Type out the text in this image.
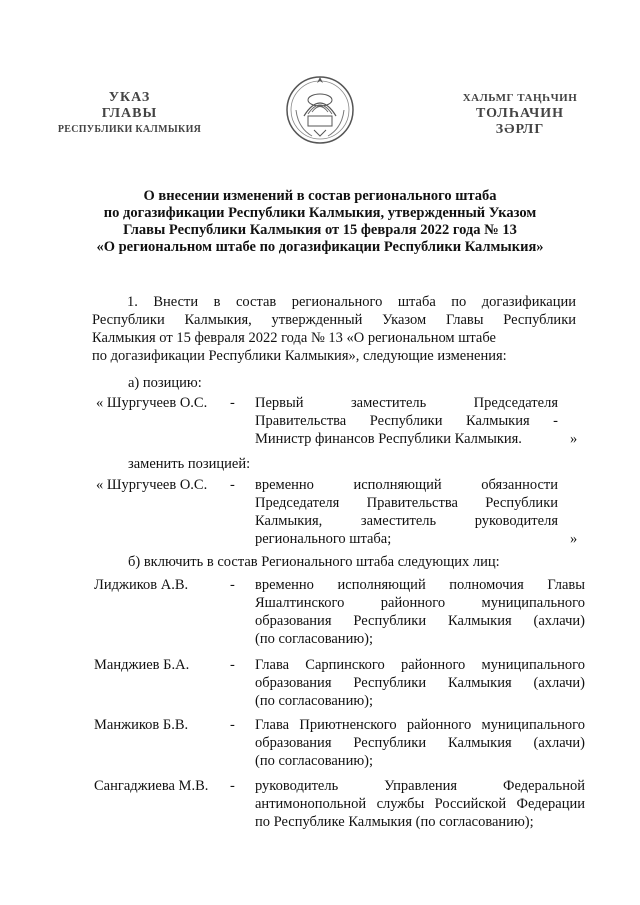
УКАЗ
ГЛАВЫ
РЕСПУБЛИКИ КАЛМЫКИЯ
ХАЛЬМГ ТАҢҺЧИН
ТОЛҺАЧИН
ЗӘРЛГ
О внесении изменений в состав регионального штаба
по догазификации Республики Калмыкия, утвержденный Указом
Главы Республики Калмыкия от 15 февраля 2022 года № 13
«О региональном штабе по догазификации Республики Калмыкия»
1. Внести в состав регионального штаба по догазификации
Республики Калмыкия, утвержденный Указом Главы Республики
Калмыкия от 15 февраля 2022 года № 13 «О региональном штабе
по догазификации Республики Калмыкия», следующие изменения:
а) позицию:
« Шургучеев О.С. - Первый заместитель Председателя
Правительства Республики Калмыкия -
Министр финансов Республики Калмыкия.	»
заменить позицией:
« Шургучеев О.С. - временно исполняющий обязанности
Председателя Правительства Республики
Калмыкия, заместитель руководителя
регионального штаба;	»
б) включить в состав Регионального штаба следующих лиц:
Лиджиков А.В.	- временно исполняющий полномочия Главы
Яшалтинского районного муниципального
образования Республики Калмыкия (ахлачи)
(по согласованию);
Манджиев Б.А.	- Глава Сарпинского районного муниципального
образования Республики Калмыкия (ахлачи)
(по согласованию);
Манжиков Б.В.	- Глава Приютненского районного муниципального
образования Республики Калмыкия (ахлачи)
(по согласованию);
Сангаджиева М.В. - руководитель Управления Федеральной
антимонопольной службы Российской Федерации
по Республике Калмыкия (по согласованию);
